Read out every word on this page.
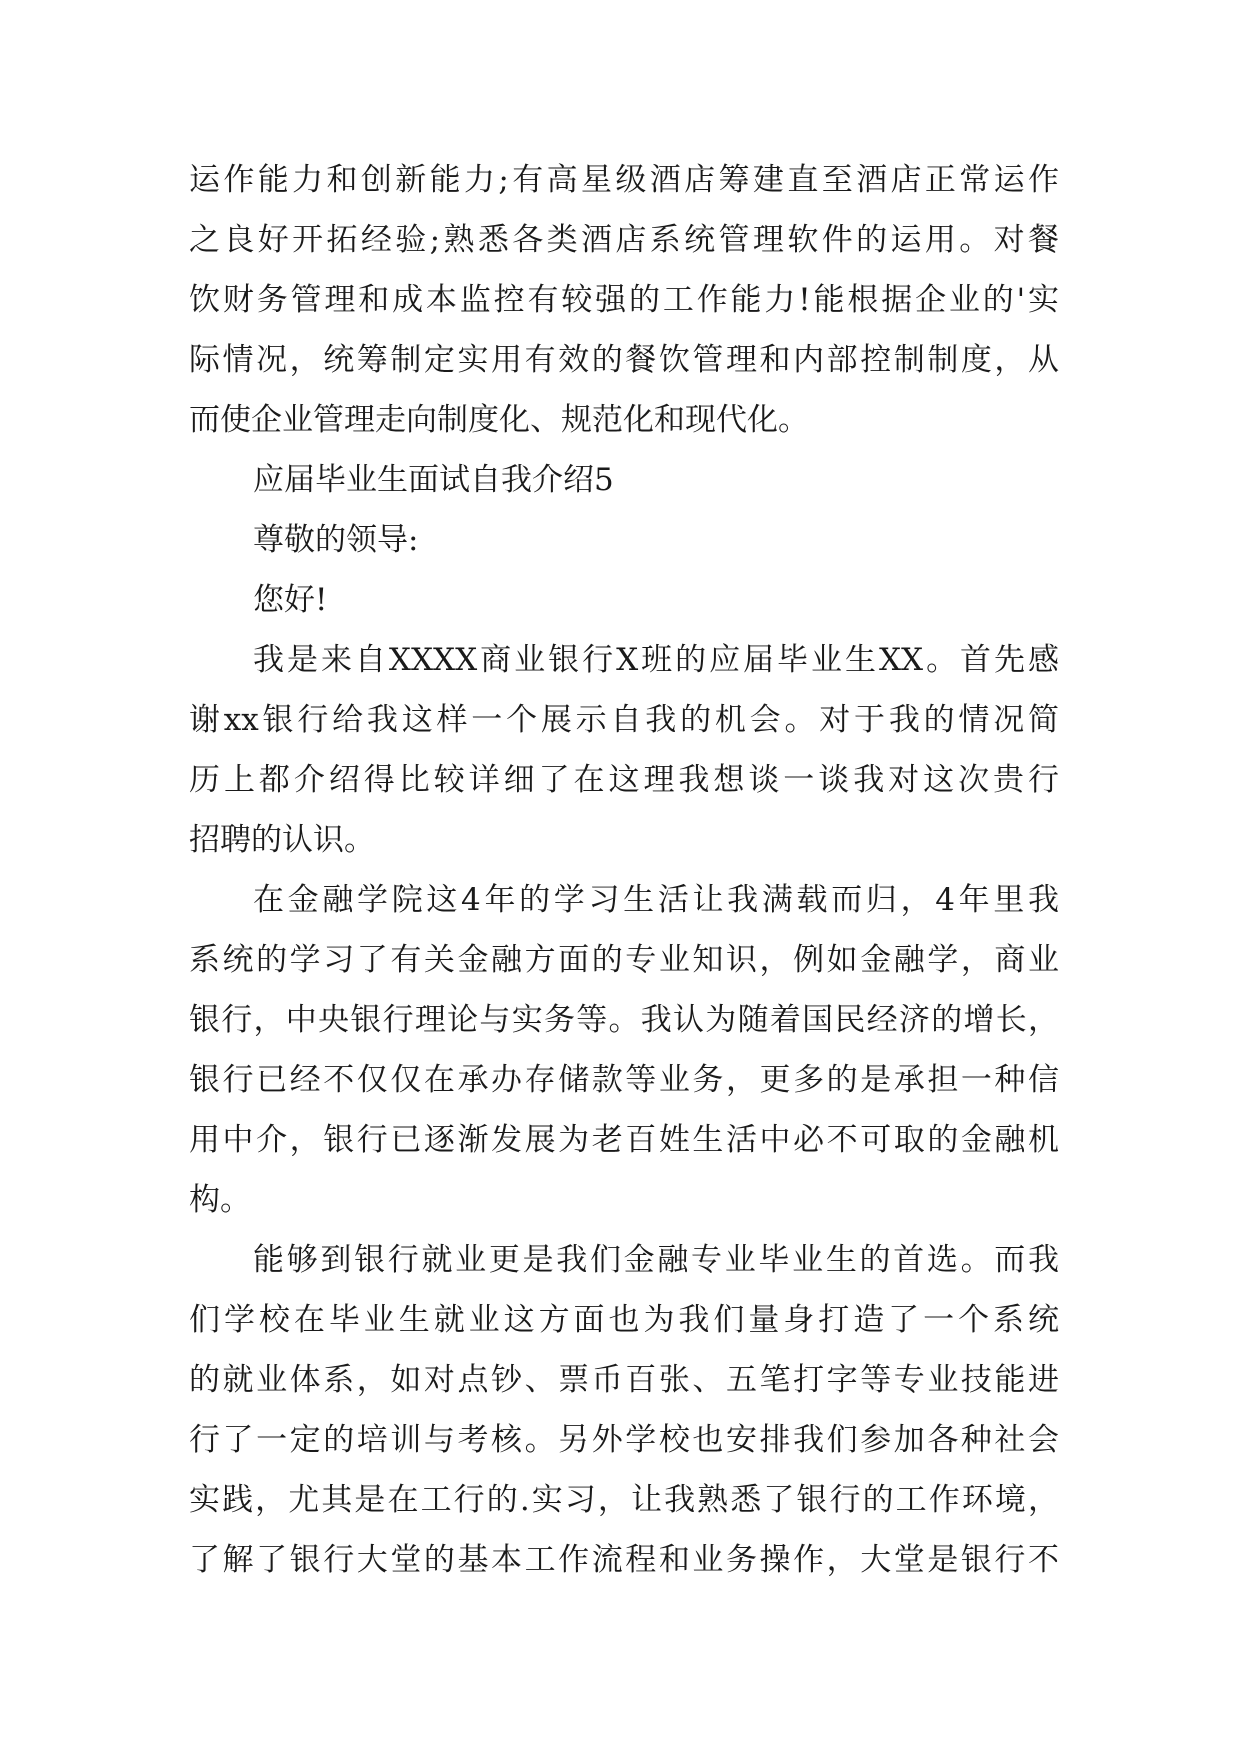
运作能力和创新能力;有高星级酒店筹建直至酒店正常运作
之良好开拓经验;熟悉各类酒店系统管理软件的运用。对餐
饮财务管理和成本监控有较强的工作能力!能根据企业的'实
际情况，统筹制定实用有效的餐饮管理和内部控制制度，从
而使企业管理走向制度化、规范化和现代化。
应届毕业生面试自我介绍5
尊敬的领导:
您好!
我是来自XXXX商业银行X班的应届毕业生XX。首先感
谢xx银行给我这样一个展示自我的机会。对于我的情况简
历上都介绍得比较详细了在这理我想谈一谈我对这次贵行
招聘的认识。
在金融学院这4年的学习生活让我满载而归，4年里我
系统的学习了有关金融方面的专业知识，例如金融学，商业
银行，中央银行理论与实务等。我认为随着国民经济的增长，
银行已经不仅仅在承办存储款等业务，更多的是承担一种信
用中介，银行已逐渐发展为老百姓生活中必不可取的金融机
构。
能够到银行就业更是我们金融专业毕业生的首选。而我
们学校在毕业生就业这方面也为我们量身打造了一个系统
的就业体系，如对点钞、票币百张、五笔打字等专业技能进
行了一定的培训与考核。另外学校也安排我们参加各种社会
实践，尤其是在工行的.实习，让我熟悉了银行的工作环境，
了解了银行大堂的基本工作流程和业务操作，大堂是银行不
